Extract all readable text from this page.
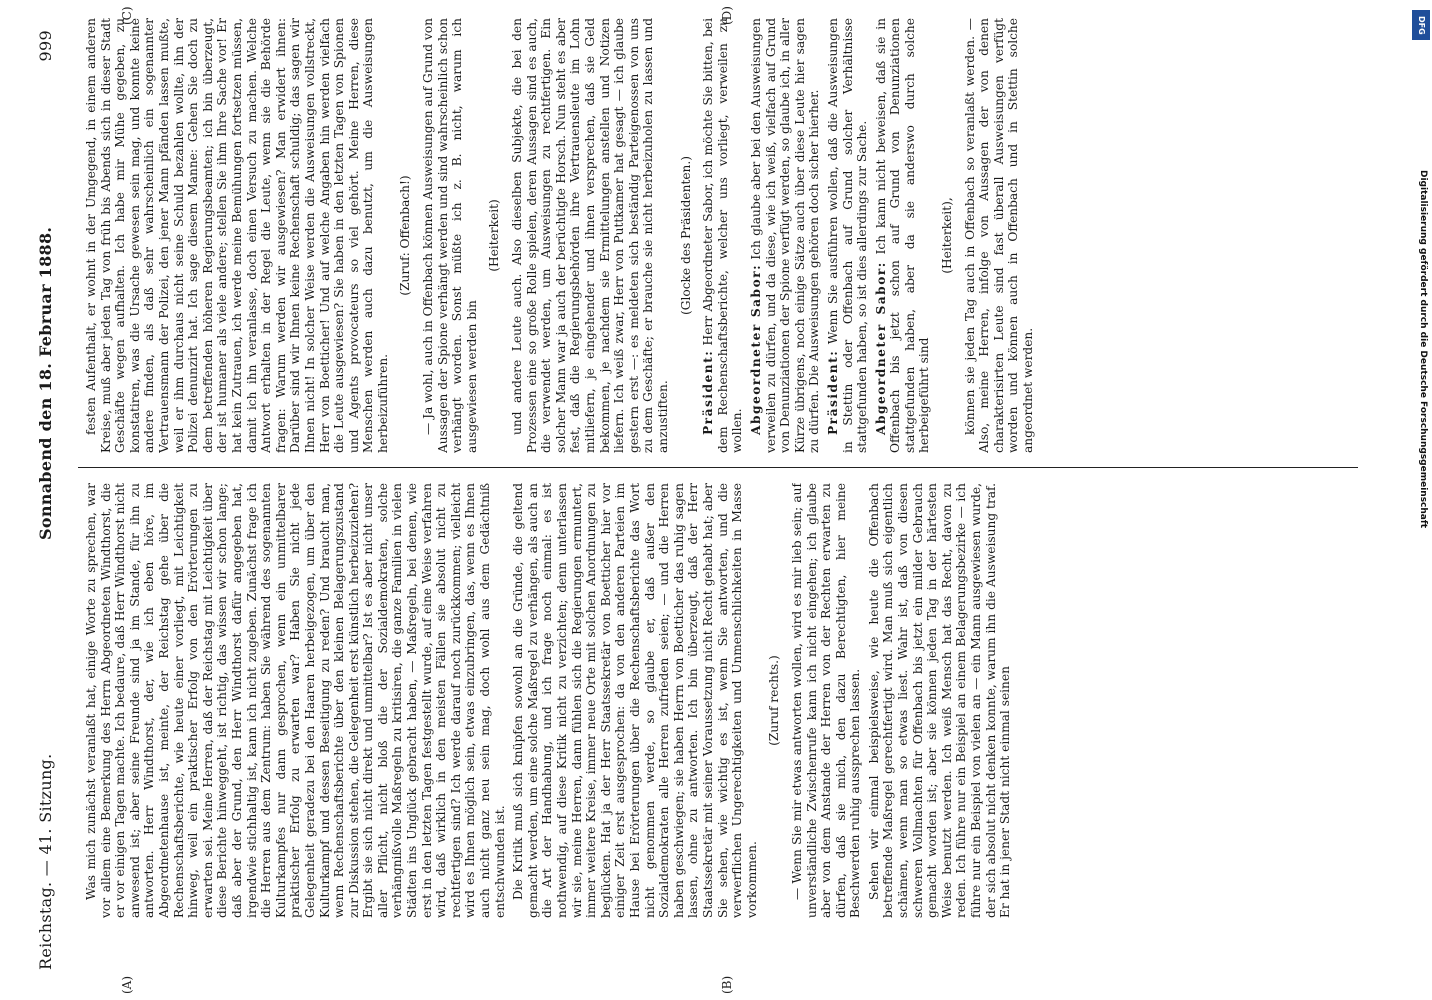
Reichstag. — 41. Sitzung.
Sonnabend den 18. Februar 1888.
999
(A)	(B)
(C)	(D)

Was mich zunächst veranlaßt hat, einige Worte zu sprechen, war vor allem eine Bemerkung des Herrn Abgeordneten Windthorst, die er vor einigen Tagen machte. Ich bedaure, daß Herr Windthorst nicht anwesend ist; aber seine Freunde sind ja im Stande, für ihn zu antworten. Herr Windthorst, der, wie ich eben höre, im Abgeordnetenhause ist, meinte, der Reichstag gehe über die Rechenschaftsberichte, wie heute einer vorliegt, mit Leichtigkeit hinweg, weil ein praktischer Erfolg von den Erörterungen zu erwarten sei. Meine Herren, daß der Reichstag mit Leichtigkeit über diese Berichte hinweggeht, ist richtig, das wissen wir schon lange; daß aber der Grund, den Herr Windthorst dafür angegeben hat, irgendwie stichhaltig ist, kann ich nicht zugeben. Zunächst frage ich die Herren aus dem Zentrum: haben Sie während des sogenannten Kulturkampfes nur dann gesprochen, wenn ein unmittelbarer praktischer Erfolg zu erwarten war? Haben Sie nicht jede Gelegenheit geradezu bei den Haaren herbeigezogen, um über den Kulturkampf und dessen Beseitigung zu reden? Und braucht man, wenn Rechenschaftsberichte über den kleinen Belagerungszustand zur Diskussion stehen, die Gelegenheit erst künstlich herbeizuziehen? Ergibt sie sich nicht direkt und unmittelbar? Ist es aber nicht unser aller Pflicht, nicht bloß die der Sozialdemokraten, solche verhängnißvolle Maßregeln zu kritisiren, die ganze Familien in vielen Städten ins Unglück gebracht haben, — Maßregeln, bei denen, wie erst in den letzten Tagen festgestellt wurde, auf eine Weise verfahren wird, daß wirklich in den meisten Fällen sie absolut nicht zu rechtfertigen sind? Ich werde darauf noch zurückkommen; vielleicht wird es Ihnen möglich sein, etwas einzubringen, das, wenn es Ihnen auch nicht ganz neu sein mag, doch wohl aus dem Gedächtniß entschwunden ist. Die Kritik muß sich knüpfen sowohl an die Gründe, die geltend gemacht werden, um eine solche Maßregel zu verhängen, als auch an die Art der Handhabung, und ich frage noch einmal: es ist nothwendig, auf diese Kritik nicht zu verzichten; denn unterlassen wir sie, meine Herren, dann fühlen sich die Regierungen ermuntert, immer weitere Kreise, immer neue Orte mit solchen Anordnungen zu beglücken. Hat ja der Herr Staatssekretär von Boetticher hier vor einiger Zeit erst ausgesprochen: da von den anderen Parteien im Hause bei Erörterungen über die Rechenschaftsberichte das Wort nicht genommen werde, so glaube er, daß außer den Sozialdemokraten alle Herren zufrieden seien; — und die Herren haben geschwiegen; sie haben Herrn von Boetticher das ruhig sagen lassen, ohne zu antworten. Ich bin überzeugt, daß der Herr Staatssekretär mit seiner Voraussetzung nicht Recht gehabt hat; aber Sie sehen, wie wichtig es ist, wenn Sie antworten, und die verwerflichen Ungerechtigkeiten und Unmenschlichkeiten in Masse vorkommen.

(Zuruf rechts.) — Wenn Sie mir etwas antworten wollen, wird es mir lieb sein; auf unverständliche Zwischenrufe kann ich nicht eingehen; ich glaube aber von dem Anstande der Herren von der Rechten erwarten zu dürfen, daß sie mich, den dazu Berechtigten, hier meine Beschwerden ruhig aussprechen lassen. Sehen wir einmal beispielsweise, wie heute die Offenbach betreffende Maßregel gerechtfertigt wird. Man muß sich eigentlich schämen, wenn man so etwas liest. Wahr ist, daß von diesen schweren Vollmachten für Offenbach bis jetzt ein milder Gebrauch gemacht worden ist; aber sie können jeden Tag in der härtesten Weise benutzt werden. Ich weiß Mensch hat das Recht, davon zu reden. Ich führe nur ein Beispiel an einem Belagerungsbezirke — ich führe nur ein Beispiel von vielen an — ein Mann ausgewiesen wurde, der sich absolut nicht denken konnte, warum ihn die Ausweisung traf. Er hat in jener Stadt nicht einmal seinen

festen Aufenthalt, er wohnt in der Umgegend, in einem anderen Kreise, muß aber jeden Tag von früh bis Abends sich in dieser Stadt Geschäfte wegen aufhalten. Ich habe mir Mühe gegeben, zu konstatiren, was die Ursache gewesen sein mag, und konnte keine andere finden, als daß sehr wahrscheinlich ein sogenannter Vertrauensmann der Polizei, den jener Mann pfänden lassen mußte, weil er ihm durchaus nicht seine Schuld bezahlen wollte, ihn der Polizei denunzirt hat. Ich sage diesem Manne: Gehen Sie doch zu dem betreffenden höheren Regierungsbeamten; ich bin überzeugt, der ist humaner als viele andere; stellen Sie ihm Ihre Sache vor! Er hat kein Zutrauen, ich werde meine Bemühungen fortsetzen müssen, damit ich ihn veranlasse, doch einen Versuch zu machen. Welche Antwort erhalten in der Regel die Leute, wenn sie die Behörde fragen: Warum werden wir ausgewiesen? Man erwidert ihnen: Darüber sind wir Ihnen keine Rechenschaft schuldig; das sagen wir Ihnen nicht! In solcher Weise werden die Ausweisungen vollstreckt, Herr von Boetticher! Und auf welche Angaben hin werden vielfach die Leute ausgewiesen? Sie haben in den letzten Tagen von Spionen und Agents provocateurs so viel gehört. Meine Herren, diese Menschen werden auch dazu benutzt, um die Ausweisungen herbeizuführen.

(Zuruf: Offenbach!) — Ja wohl, auch in Offenbach können Ausweisungen auf Grund von Aussagen der Spione verhängt werden und sind wahrscheinlich schon verhängt worden. Sonst müßte ich z. B. nicht, warum ich ausgewiesen werden bin

(Heiterkeit) und andere Leute auch. Also dieselben Subjekte, die bei den Prozessen eine so große Rolle spielen, deren Aussagen sind es auch, die verwendet werden, um Ausweisungen zu rechtfertigen. Ein solcher Mann war ja auch der berüchtigte Horsch. Nun steht es aber fest, daß die Regierungsbehörden ihre Vertrauensleute im Lohn mitliefern, je eingehender und ihnen versprechen, daß sie Geld bekommen, je nachdem sie Ermittelungen anstellen und Notizen liefern. Ich weiß zwar, Herr von Puttkamer hat gesagt — ich glaube gestern erst —: es meldeten sich beständig Parteigenossen von uns zu dem Geschäfte; er brauche sie nicht herbeizuholen zu lassen und anzustiften.

(Glocke des Präsidenten.)

Präsident: Herr Abgeordneter Sabor, ich möchte Sie bitten, bei dem Rechenschaftsberichte, welcher uns vorliegt, verweilen zu wollen. Abgeordneter Sabor: Ich glaube aber bei den Ausweisungen verweilen zu dürfen, und da diese, wie ich weiß, vielfach auf Grund von Denunziationen der Spione verfügt werden, so glaube ich, in aller Kürze übrigens, noch einige Sätze auch über diese Leute hier sagen zu dürfen. Die Ausweisungen gehören doch sicher hierher. Präsident: Wenn Sie ausführen wollen, daß die Ausweisungen in Stettin oder Offenbach auf Grund solcher Verhältnisse stattgefunden haben, so ist dies allerdings zur Sache. Abgeordneter Sabor: Ich kann nicht beweisen, daß sie in Offenbach bis jetzt schon auf Grund von Denunziationen stattgefunden haben, aber da sie anderswo durch solche herbeigeführt sind

(Heiterkeit), können sie jeden Tag auch in Offenbach so veranlaßt werden. — Also, meine Herren, infolge von Aussagen der von denen charakterisirten Leute sind fast überall Ausweisungen verfügt worden und können auch in Offenbach und in Stettin solche angeordnet werden.

DFG
Digitalisierung gefördert durch die Deutsche Forschungsgemeinschaft
